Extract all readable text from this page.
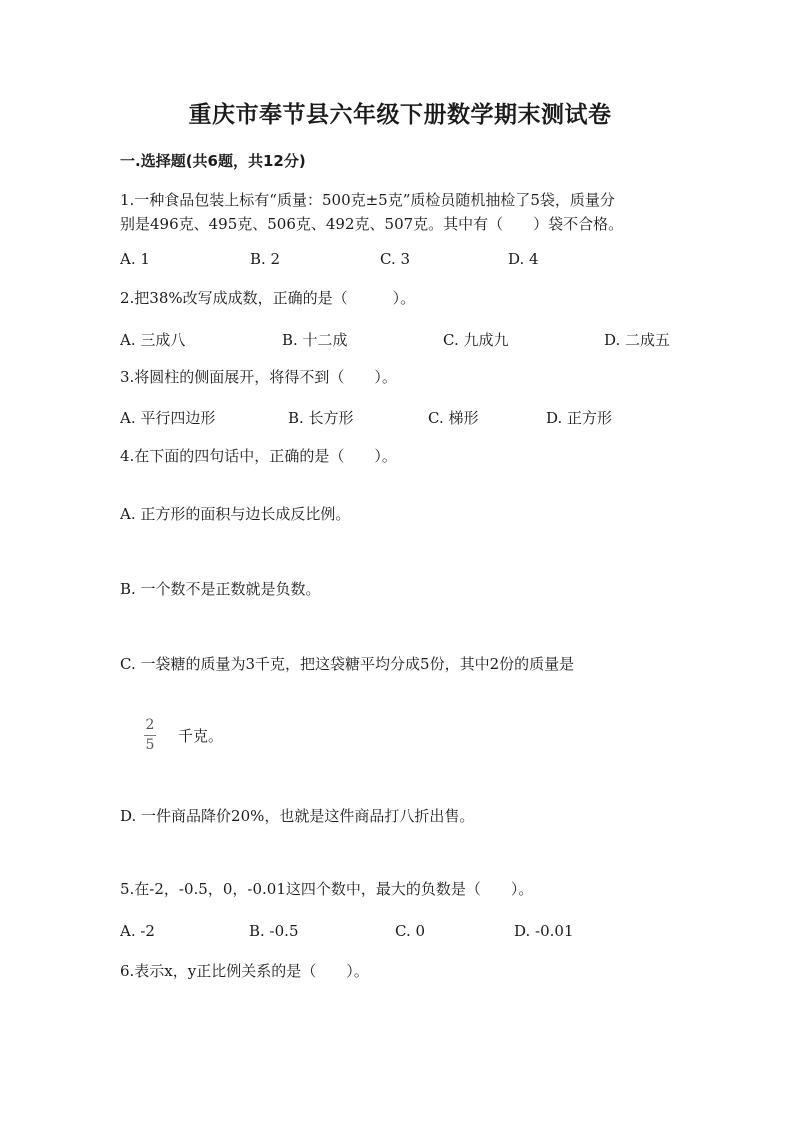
重庆市奉节县六年级下册数学期末测试卷
一.选择题(共6题，共12分)
1.一种食品包装上标有“质量：500克±5克”质检员随机抽检了5袋，质量分
别是496克、495克、506克、492克、507克。其中有（　　）袋不合格。
A. 1	B. 2	C. 3	D. 4
2.把38%改写成成数，正确的是（　　　）。
A. 三成八	B. 十二成	C. 九成九	D. 二成五
3.将圆柱的侧面展开，将得不到（　　）。
A. 平行四边形	B. 长方形	C. 梯形	D. 正方形
4.在下面的四句话中，正确的是（　　）。
A. 正方形的面积与边长成反比例。
B. 一个数不是正数就是负数。
C. 一袋糖的质量为3千克，把这袋糖平均分成5份，其中2份的质量是
$\frac{2}{5}$ 千克。
D. 一件商品降价20%，也就是这件商品打八折出售。
5.在-2，-0.5，0，-0.01这四个数中，最大的负数是（　　）。
A. -2	B. -0.5	C. 0	D. -0.01
6.表示x，y正比例关系的是（　　）。
